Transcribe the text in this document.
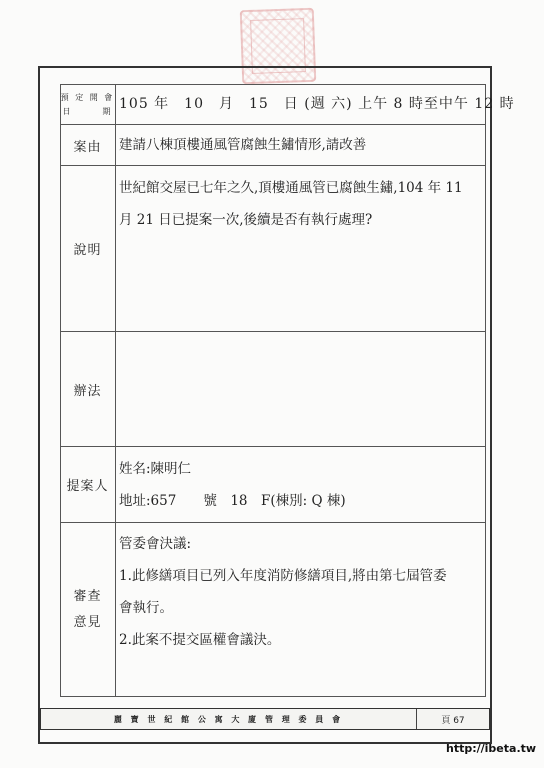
預 定 開 會
日　　　期 105 年　10　月　15　日 (週 六) 上午 8 時至中午 12 時
案由	建請八棟頂樓通風管腐蝕生鏽情形,請改善
說明
世紀館交屋已七年之久,頂樓通風管已腐蝕生鏽,104 年 11
月 21 日已提案一次,後續是否有執行處理?
辦法
提案人
姓名:陳明仁
地址:657　　號　18　F(棟別: Q 棟)
審查
意見
管委會決議:
1.此修繕項目已列入年度消防修繕項目,將由第七屆管委
會執行。
2.此案不提交區權會議決。
麗 寶 世 紀 館 公 寓 大 廈 管 理 委 員 會	頁 67
http://ibeta.tw
